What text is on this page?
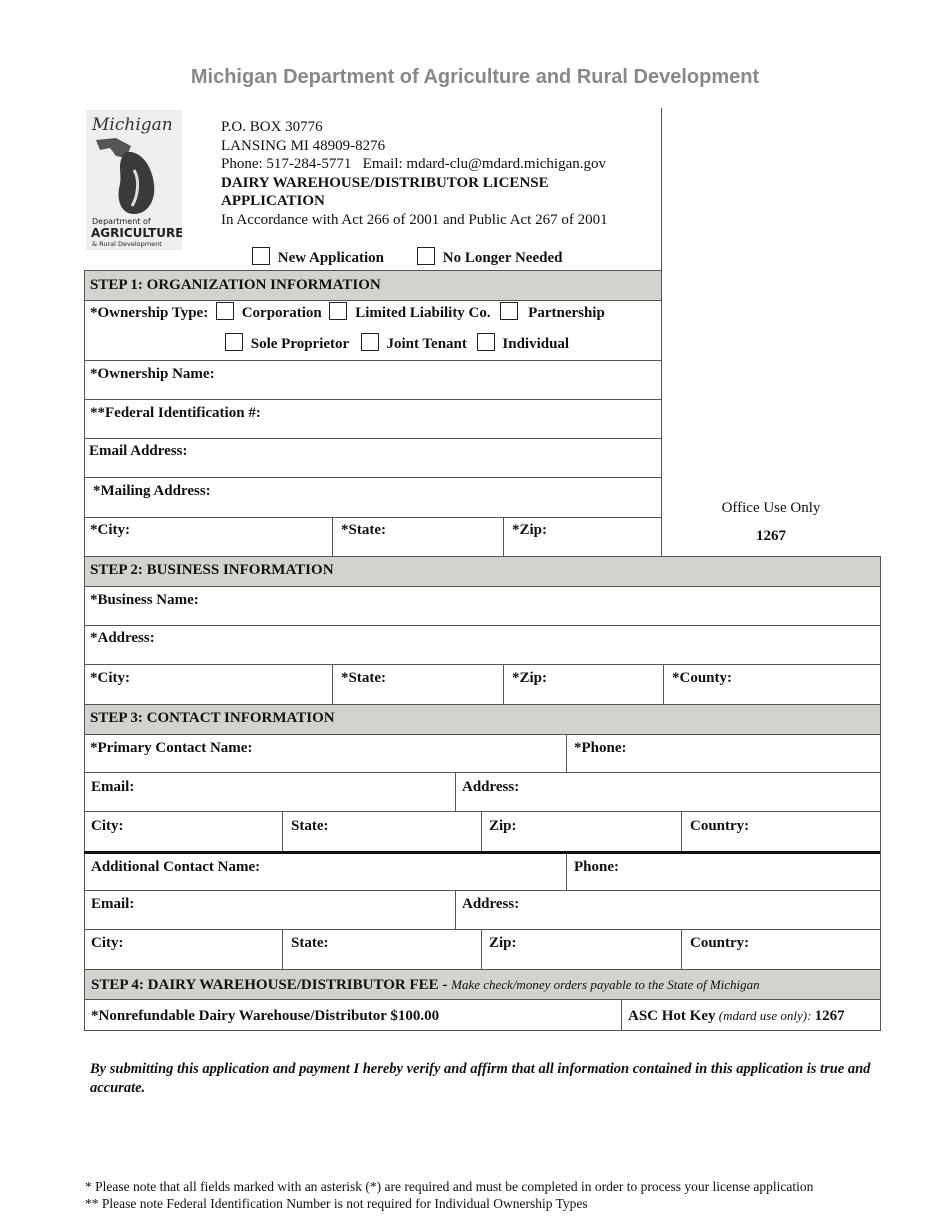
Michigan Department of Agriculture and Rural Development
Michigan
Department of
AGRICULTURE
& Rural Development
P.O. BOX 30776
LANSING MI 48909-8276
Phone: 517-284-5771   Email: mdard-clu@mdard.michigan.gov
DAIRY WAREHOUSE/DISTRIBUTOR LICENSE
APPLICATION
In Accordance with Act 266 of 2001 and Public Act 267 of 2001
New Application	No Longer Needed
STEP 1: ORGANIZATION INFORMATION
*Ownership Type: Corporation Limited Liability Co.	Partnership
Sole Proprietor	Joint Tenant Individual
*Ownership Name:
**Federal Identification #:
Email Address:
*Mailing Address:
*City:	*State:	*Zip:
Office Use Only
1267
STEP 2: BUSINESS INFORMATION
*Business Name:
*Address:
*City:	*State:	*Zip:	*County:
STEP 3: CONTACT INFORMATION
*Primary Contact Name:	*Phone:
Email:	Address:
City:	State:	Zip:	Country:
Additional Contact Name:	Phone:
Email:	Address:
City:	State:	Zip:	Country:
STEP 4: DAIRY WAREHOUSE/DISTRIBUTOR FEE - Make check/money orders payable to the State of Michigan
*Nonrefundable Dairy Warehouse/Distributor $100.00	ASC Hot Key (mdard use only): 1267
By submitting this application and payment I hereby verify and affirm that all information contained in this application is true and accurate.
* Please note that all fields marked with an asterisk (*) are required and must be completed in order to process your license application
** Please note Federal Identification Number is not required for Individual Ownership Types
